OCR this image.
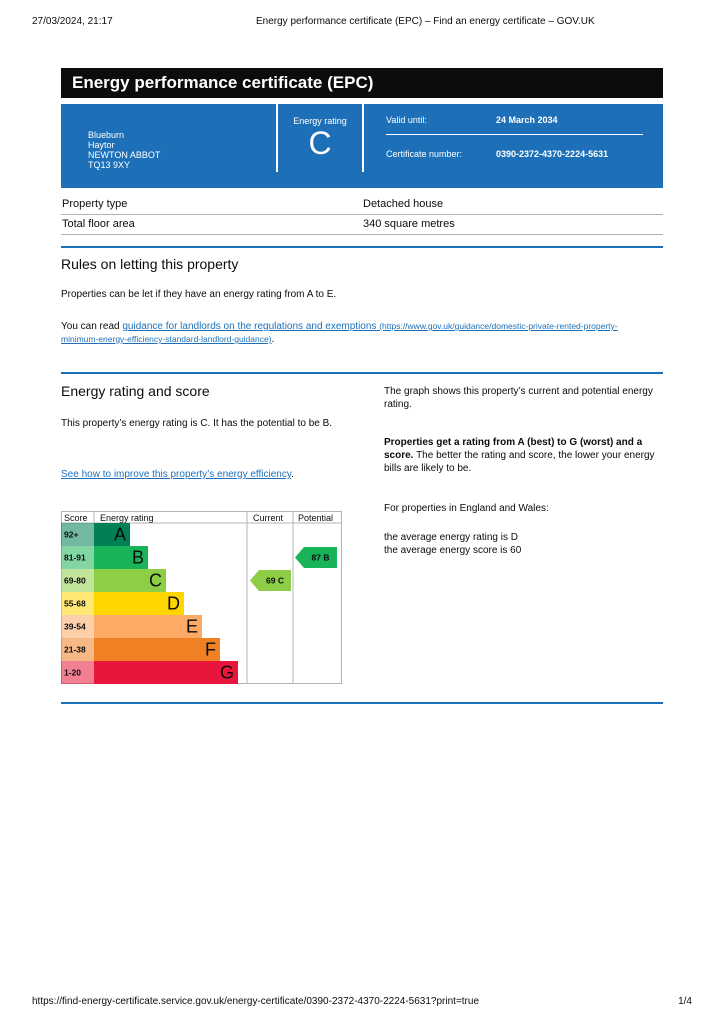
27/03/2024, 21:17	Energy performance certificate (EPC) – Find an energy certificate – GOV.UK
Energy performance certificate (EPC)
Blueburn
Haytor
NEWTON ABBOT
TQ13 9XY
Energy rating
C
Valid until:	24 March 2034
Certificate number:	0390-2372-4370-2224-5631
Property type	Detached house
Total floor area	340 square metres
Rules on letting this property

Properties can be let if they have an energy rating from A to E.

You can read guidance for landlords on the regulations and exemptions (https://www.gov.uk/guidance/domestic-private-rented-property-minimum-energy-efficiency-standard-landlord-guidance).

Energy rating and score

This property’s energy rating is C. It has the potential to be B.

See how to improve this property’s energy efficiency.

The graph shows this property’s current and potential energy rating.

Properties get a rating from A (best) to G (worst) and a score. The better the rating and score, the lower your energy bills are likely to be.

For properties in England and Wales:

the average energy rating is D
the average energy score is 60
Score Energy rating	Current Potential
92+ A
81-91	B
69-80	C
55-68	D
39-54	E
21-38	F
1-20	G
69 C
87 B
https://find-energy-certificate.service.gov.uk/energy-certificate/0390-2372-4370-2224-5631?print=true	1/4
